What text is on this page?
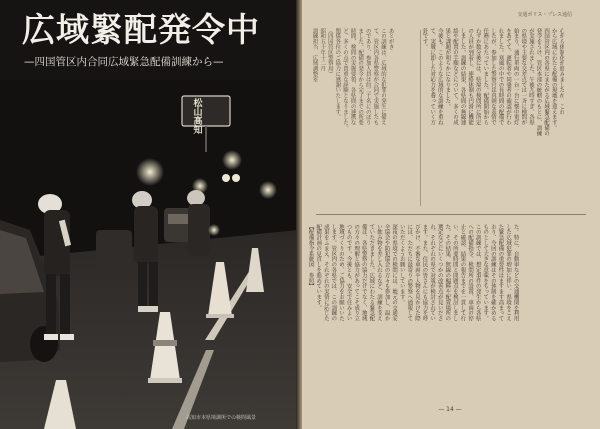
広域緊配発令中
—四国管区内合同広域緊急配備訓練から—
松山 高知
高知市本県境調所での検問風景
交通ポリス・プレス通信
心から体制化が進みましたが、これ
から広域にわたる配備の現地を迎えます。
四国管区内の各県にまたがる広域緊急配備の
発令をうけ、管区本部の統轄のもとに、訓練
が実施されました。午後九時すぎ、各県
の県境や主要な交差点では一斉に検問が
始まり、通行車両の一台一台に懐中電灯
をあてて、運転者や同乗者の確認が行わ
れました。寒風の中での長時間の配備で
したが、参加した警察官は真剣な表情で
任務にあたっていました。配備開始から
わずか数分後には、県境の検問所に所定
の人員が到着し、連絡体制も円滑に機能
しました。訓練の結果、各県間の無線連
絡や配置の手順などについて、多くの成
果と課題が明らかになりました。
今後も、このような広域的な訓練を重ね
て、実戦に即した対応力を養っていく方
針です。
あとがき
この訓練は、広域的な犯罪の発生に備え
て、管区内各県警察が合同で実施したも
のであり、参加人員は約二千名にのぼり
ました。配備の発令から完了までの所要
時間、検問の実施要領、各県間の連携な
ど、多くの点で貴重な経験となりました。
関係各位のご協力に感謝いたします。
（四国管区警察局）
昭和五十年十二月
訓練担当　広域調整室
た。特に、自動車などの交通機関を利用
した広域犯罪の増加に伴い、県境をこえ
た緊急配備の重要性はますます高まって
おり、今回の訓練はその体制を確かめる
ものとして大きな意味をもっています。
この訓練では、想定事件の発生から各県
への配備指令、検問所の設置、車両の停
止と確認、結果の報告までを一貫して行
い、その所要時間と問題点を検討しまし
た。その結果、無線の輻輳や配置場所の
選定などにいくつかの改善点が見いださ
れ、それぞれの県で対策が検討されてい
ます。また、住民の皆さんにも協力を呼
びかけ、不審な車両や人物を見かけた際
には、ただちに最寄りの警察へ通報して
いただくようお願いしています。
深夜の県境での検問には、地元の交通安
全協会や防犯協会の方々も参加し、温か
い飲み物を差し入れるなど、訓練を支え
ていただきました。広域にわたる緊急配
備は、各県警察の協力だけでなく、地域
の方々の理解と協力があってこそ成り立
つものです。今後とも、安全で住みよい
地域づくりのため、ご協力をお願いいた
します。管区内の各県では、この訓練の
成果をふまえ、それぞれの実情に応じた
配備計画の見直しを進めています。
【配備指令系統図　参照】
— 14 —
